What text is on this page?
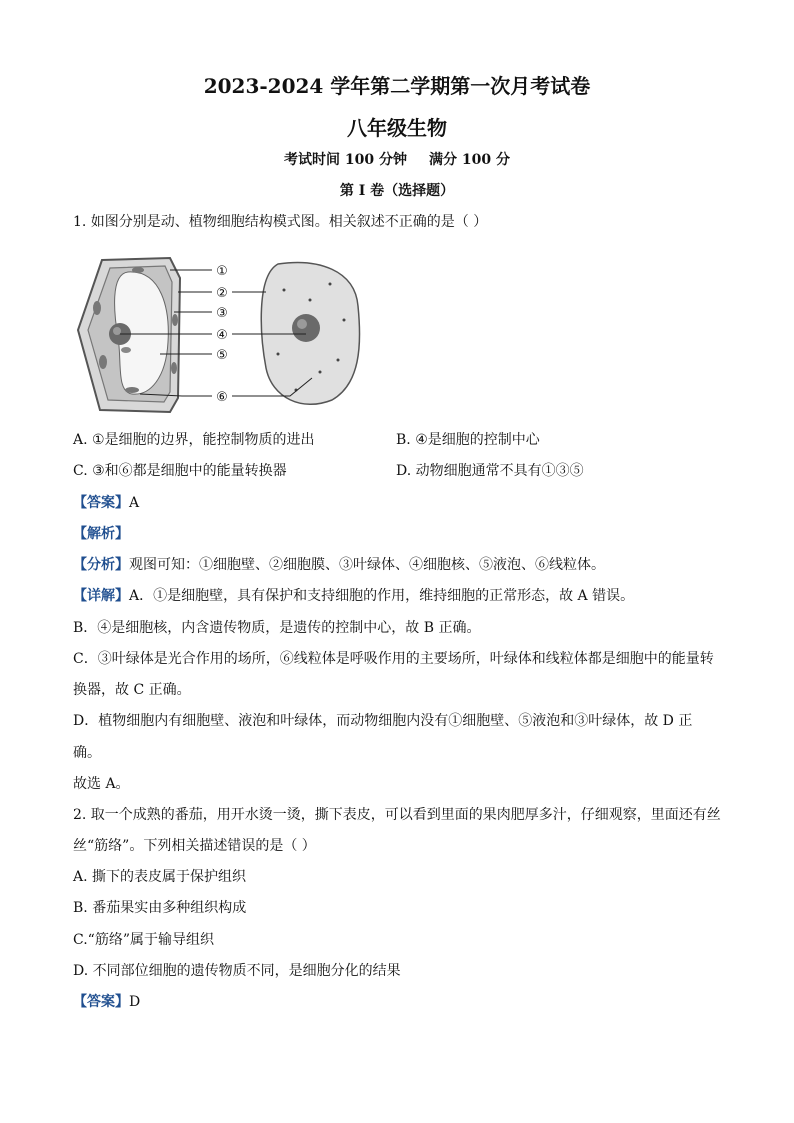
2023-2024 学年第二学期第一次月考试卷
八年级生物
考试时间 100 分钟 满分 100 分
第 I 卷（选择题）
1. 如图分别是动、植物细胞结构模式图。相关叙述不正确的是（ ）
①
②
③
④
⑤
⑥
A. ①是细胞的边界，能控制物质的进出	B. ④是细胞的控制中心
C. ③和⑥都是细胞中的能量转换器	D. 动物细胞通常不具有①③⑤
【答案】A
【解析】
【分析】观图可知：①细胞壁、②细胞膜、③叶绿体、④细胞核、⑤液泡、⑥线粒体。
【详解】A．①是细胞壁，具有保护和支持细胞的作用，维持细胞的正常形态，故 A 错误。
B．④是细胞核，内含遗传物质，是遗传的控制中心，故 B 正确。
C．③叶绿体是光合作用的场所，⑥线粒体是呼吸作用的主要场所，叶绿体和线粒体都是细胞中的能量转
换器，故 C 正确。
D．植物细胞内有细胞壁、液泡和叶绿体，而动物细胞内没有①细胞壁、⑤液泡和③叶绿体，故 D 正
确。
故选 A。
2. 取一个成熟的番茄，用开水烫一烫，撕下表皮，可以看到里面的果肉肥厚多汁，仔细观察，里面还有丝
丝“筋络”。下列相关描述错误的是（ ）
A. 撕下的表皮属于保护组织
B. 番茄果实由多种组织构成
C.“筋络”属于输导组织
D. 不同部位细胞的遗传物质不同，是细胞分化的结果
【答案】D
